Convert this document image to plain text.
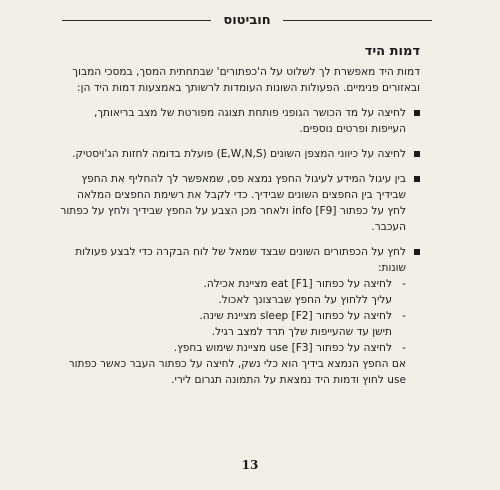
חוביטוס
דמות היד

דמות היד מאפשרת לך לשלוט על ה'כפתורים' שבתחתית המסך, במסכי המבוך ובאזורים פנימיים. הפעולות השונות העומדות לרשותך באמצעות דמות היד הן:

לחיצה על מד הכושר הגופני פותחת תצוגה מפורטת של מצב בריאותך, העייפות ופרטים נוספים.
לחיצה על כיווני המצפן השונים (E,W,N,S) פועלת בדומה לחזות הג'ויסטיק.
בין עיגול המידע לעיגול החפץ נמצא פס, שמאפשר לך להחליף את החפץ שבידיך בין החפצים השונים שבידיך. כדי לקבל את רשימת החפצים המלאה לחץ על כפתור info [F9] ולאחר מכן הצבע על החפץ שבידיך ולחץ על כפתור העכבר.
לחץ על הכפתורים השונים שבצד שמאל של לוח הבקרה כדי לבצע פעולות שונות:
-
לחיצה על כפתור eat [F1] מציינת אכילה.
עליך ללחוץ על החפץ שברצונך לאכול.
-
לחיצה על כפתור sleep [F2] מציינת שינה.
תישן עד שהעייפות שלך תרד למצב רגיל.
-
לחיצה על כפתור use [F3] מציינת שימוש בחפץ.

אם החפץ הנמצא בידיך הוא כלי נשק, לחיצה על כפתור העבר כאשר כפתור use לחוץ ודמות היד נמצאת על התמונה תגרום לירי.

13
